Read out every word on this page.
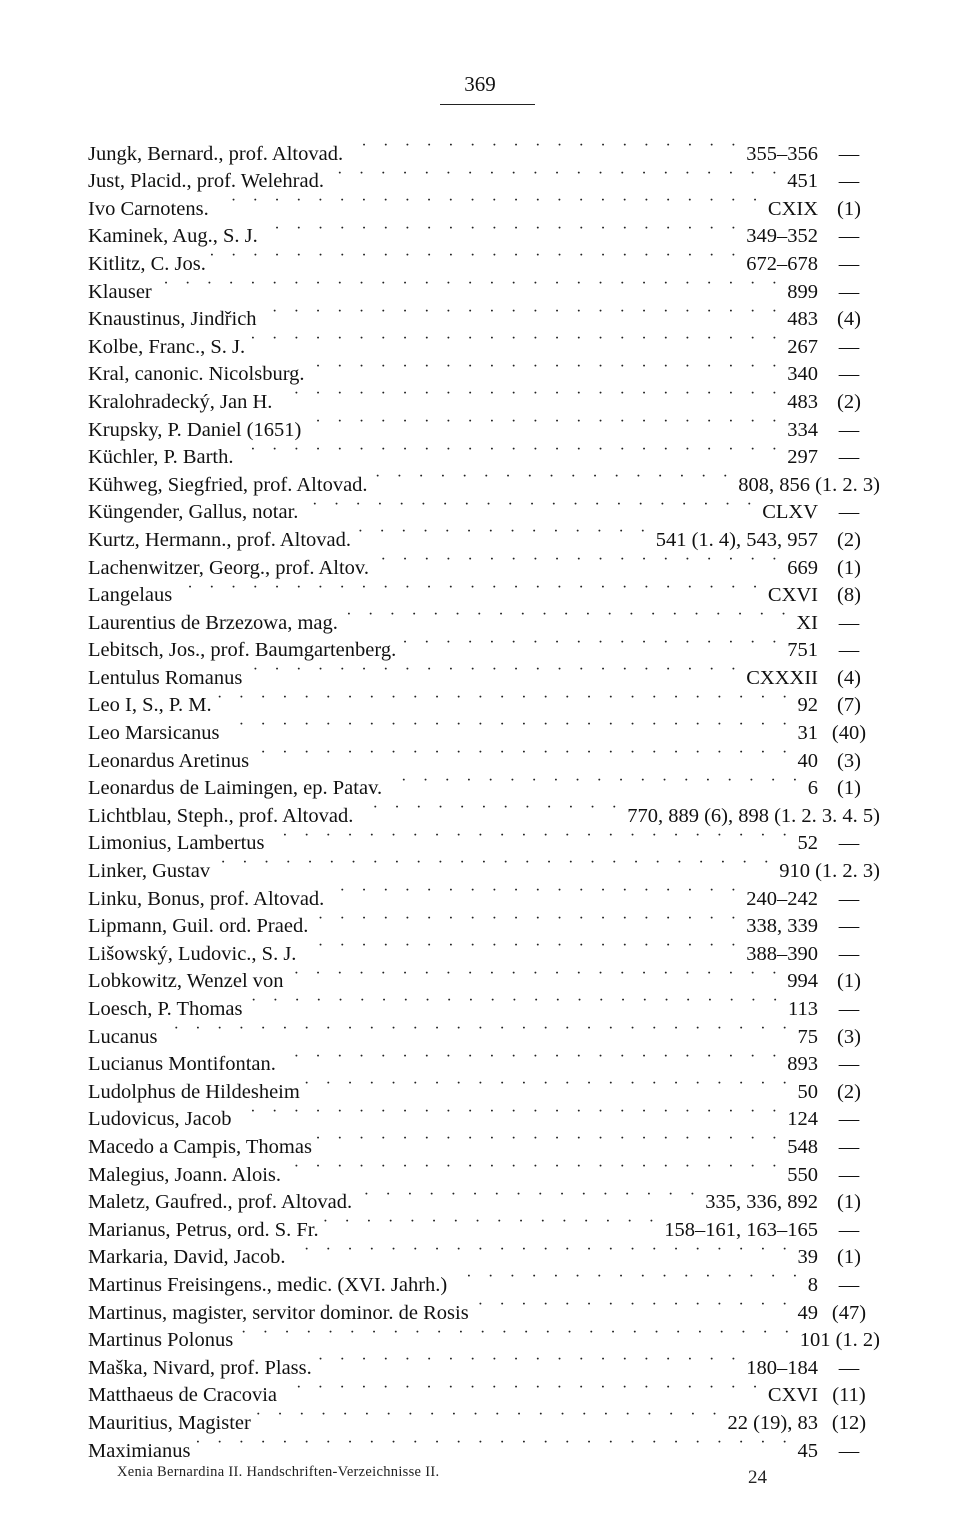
369
Jungk, Bernard., prof. Altovad. · · ·	355–356	—
Just, Placid., prof. Welehrad. · · ·	451	—
Ivo Carnotens. · · ·	CXIX (1)
Kaminek, Aug., S. J. · · ·	349–352	—
Kitlitz, C. Jos. · · ·	672–678	—
Klauser · · ·	899	—
Knaustinus, Jindřich · · ·	483 (4)
Kolbe, Franc., S. J. · · ·	267	—
Kral, canonic. Nicolsburg. · · ·	340	—
Kralohradecký, Jan H. · · ·	483 (2)
Krupsky, P. Daniel (1651) · · ·	334	—
Küchler, P. Barth. · · ·	297	—
Kühweg, Siegfried, prof. Altovad. · · ·	808, 856 (1. 2. 3)
Küngender, Gallus, notar. · · ·	CLXV	—
Kurtz, Hermann., prof. Altovad. · · ·	541 (1. 4), 543, 957 (2)
Lachenwitzer, Georg., prof. Altov. · · ·	669 (1)
Langelaus · · ·	CXVI (8)
Laurentius de Brzezowa, mag. · · ·	XI	—
Lebitsch, Jos., prof. Baumgartenberg. · · ·	751	—
Lentulus Romanus · · ·	CXXXII (4)
Leo I, S., P. M. · · ·	92 (7)
Leo Marsicanus · · ·	31 (40)
Leonardus Aretinus · · ·	40 (3)
Leonardus de Laimingen, ep. Patav. · · ·	6 (1)
Lichtblau, Steph., prof. Altovad. · · ·	770, 889 (6), 898 (1. 2. 3. 4. 5)
Limonius, Lambertus · · ·	52	—
Linker, Gustav · · ·	910 (1. 2. 3)
Linku, Bonus, prof. Altovad. · · ·	240–242	—
Lipmann, Guil. ord. Praed. · · ·	338, 339	—
Lišowský, Ludovic., S. J. · · ·	388–390	—
Lobkowitz, Wenzel von · · ·	994 (1)
Loesch, P. Thomas · · ·	113	—
Lucanus · · ·	75 (3)
Lucianus Montifontan. · · ·	893	—
Ludolphus de Hildesheim · · ·	50 (2)
Ludovicus, Jacob · · ·	124	—
Macedo a Campis, Thomas · · ·	548	—
Malegius, Joann. Alois. · · ·	550	—
Maletz, Gaufred., prof. Altovad. · · ·	335, 336, 892 (1)
Marianus, Petrus, ord. S. Fr. · · ·	158–161, 163–165	—
Markaria, David, Jacob. · · ·	39 (1)
Martinus Freisingens., medic. (XVI. Jahrh.) · · ·	8	—
Martinus, magister, servitor dominor. de Rosis · · ·	49 (47)
Martinus Polonus · · ·	101 (1. 2)
Maška, Nivard, prof. Plass. · · ·	180–184	—
Matthaeus de Cracovia · · ·	CXVI (11)
Mauritius, Magister · · ·	22 (19), 83 (12)
Maximianus · · ·	45	—
Xenia Bernardina II. Handschriften-Verzeichnisse II.	24
